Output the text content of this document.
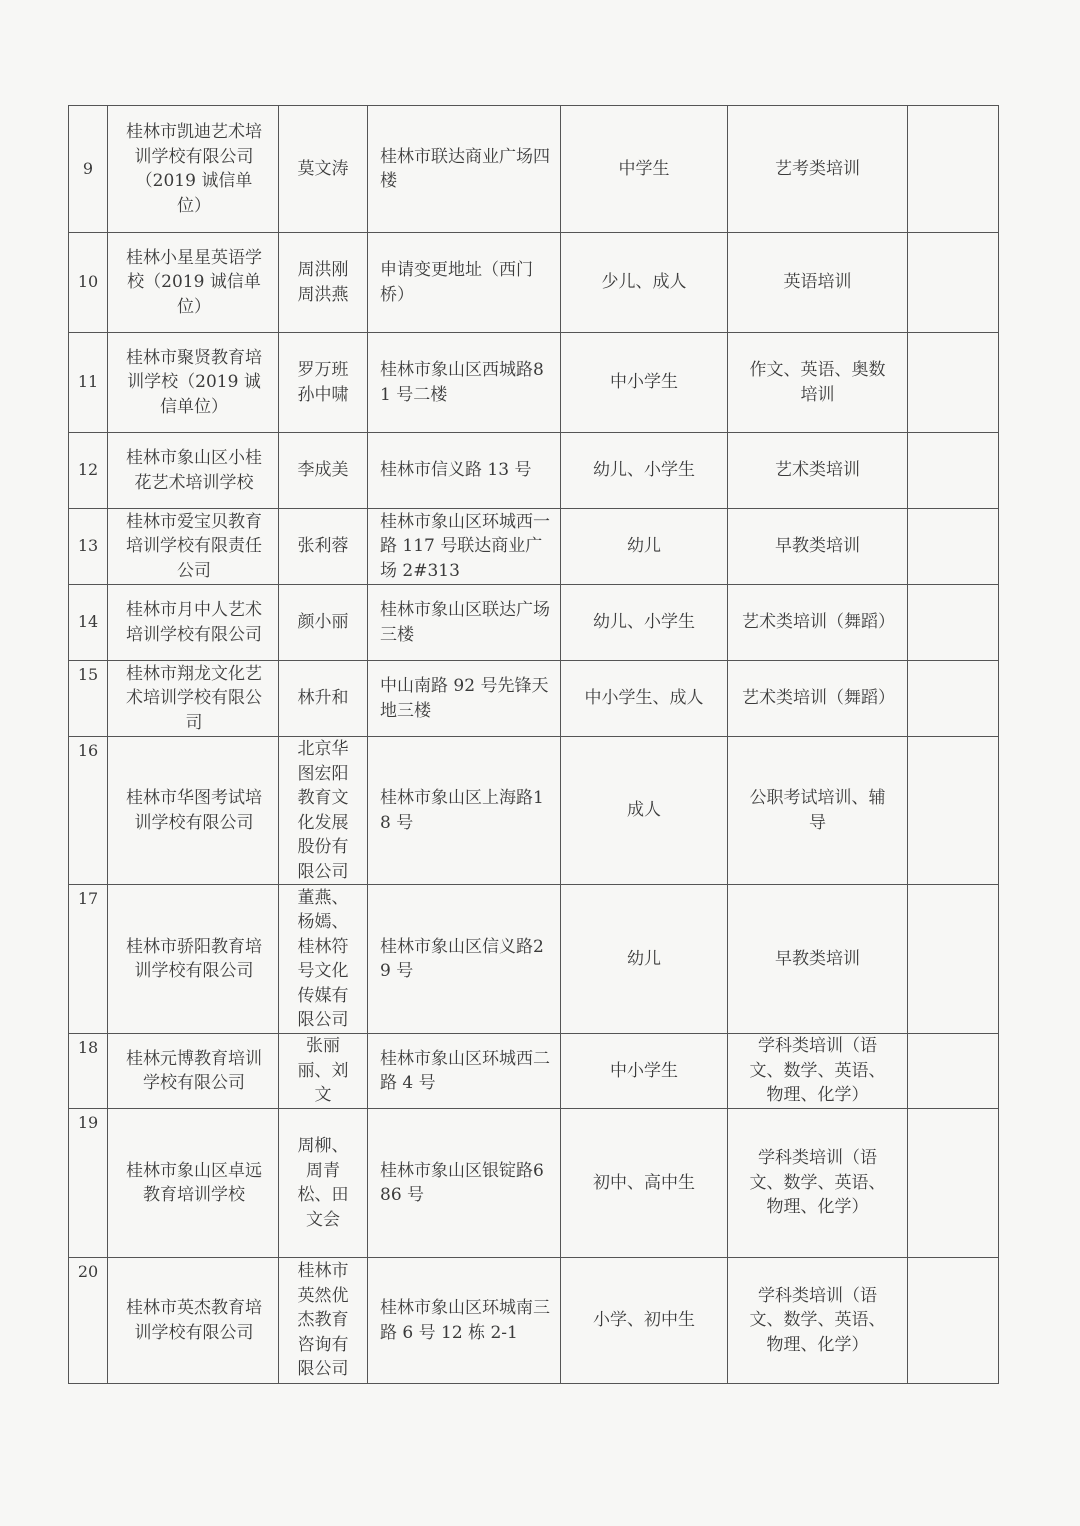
9	桂林市凯迪艺术培训学校有限公司（2019 诚信单位）	莫文涛	桂林市联达商业广场四楼	中学生	艺考类培训	
10	桂林小星星英语学校（2019 诚信单位）	周洪刚周洪燕	申请变更地址（西门桥）	少儿、成人	英语培训	
11	桂林市聚贤教育培训学校（2019 诚信单位）	罗万班孙中啸	桂林市象山区西城路81 号二楼	中小学生	作文、英语、奥数培训	
12	桂林市象山区小桂花艺术培训学校	李成美	桂林市信义路 13 号	幼儿、小学生	艺术类培训	
13	桂林市爱宝贝教育培训学校有限责任公司	张利蓉	桂林市象山区环城西一路 117 号联达商业广场 2#313	幼儿	早教类培训	
14	桂林市月中人艺术培训学校有限公司	颜小丽	桂林市象山区联达广场三楼	幼儿、小学生	艺术类培训（舞蹈）	
15	桂林市翔龙文化艺术培训学校有限公司	林升和	中山南路 92 号先锋天地三楼	中小学生、成人	艺术类培训（舞蹈）	
16	桂林市华图考试培训学校有限公司	北京华图宏阳教育文化发展股份有限公司	桂林市象山区上海路18 号	成人	公职考试培训、辅导	
17	桂林市骄阳教育培训学校有限公司	董燕、杨嫣、桂林符号文化传媒有限公司	桂林市象山区信义路29 号	幼儿	早教类培训	
18	桂林元博教育培训学校有限公司	张丽丽、刘文	桂林市象山区环城西二路 4 号	中小学生	学科类培训（语文、数学、英语、物理、化学）	
19	桂林市象山区卓远教育培训学校	周柳、周青松、田文会	桂林市象山区银锭路686 号	初中、高中生	学科类培训（语文、数学、英语、物理、化学）	
20	桂林市英杰教育培训学校有限公司	桂林市英然优杰教育咨询有限公司	桂林市象山区环城南三路 6 号 12 栋 2-1	小学、初中生	学科类培训（语文、数学、英语、物理、化学）	
